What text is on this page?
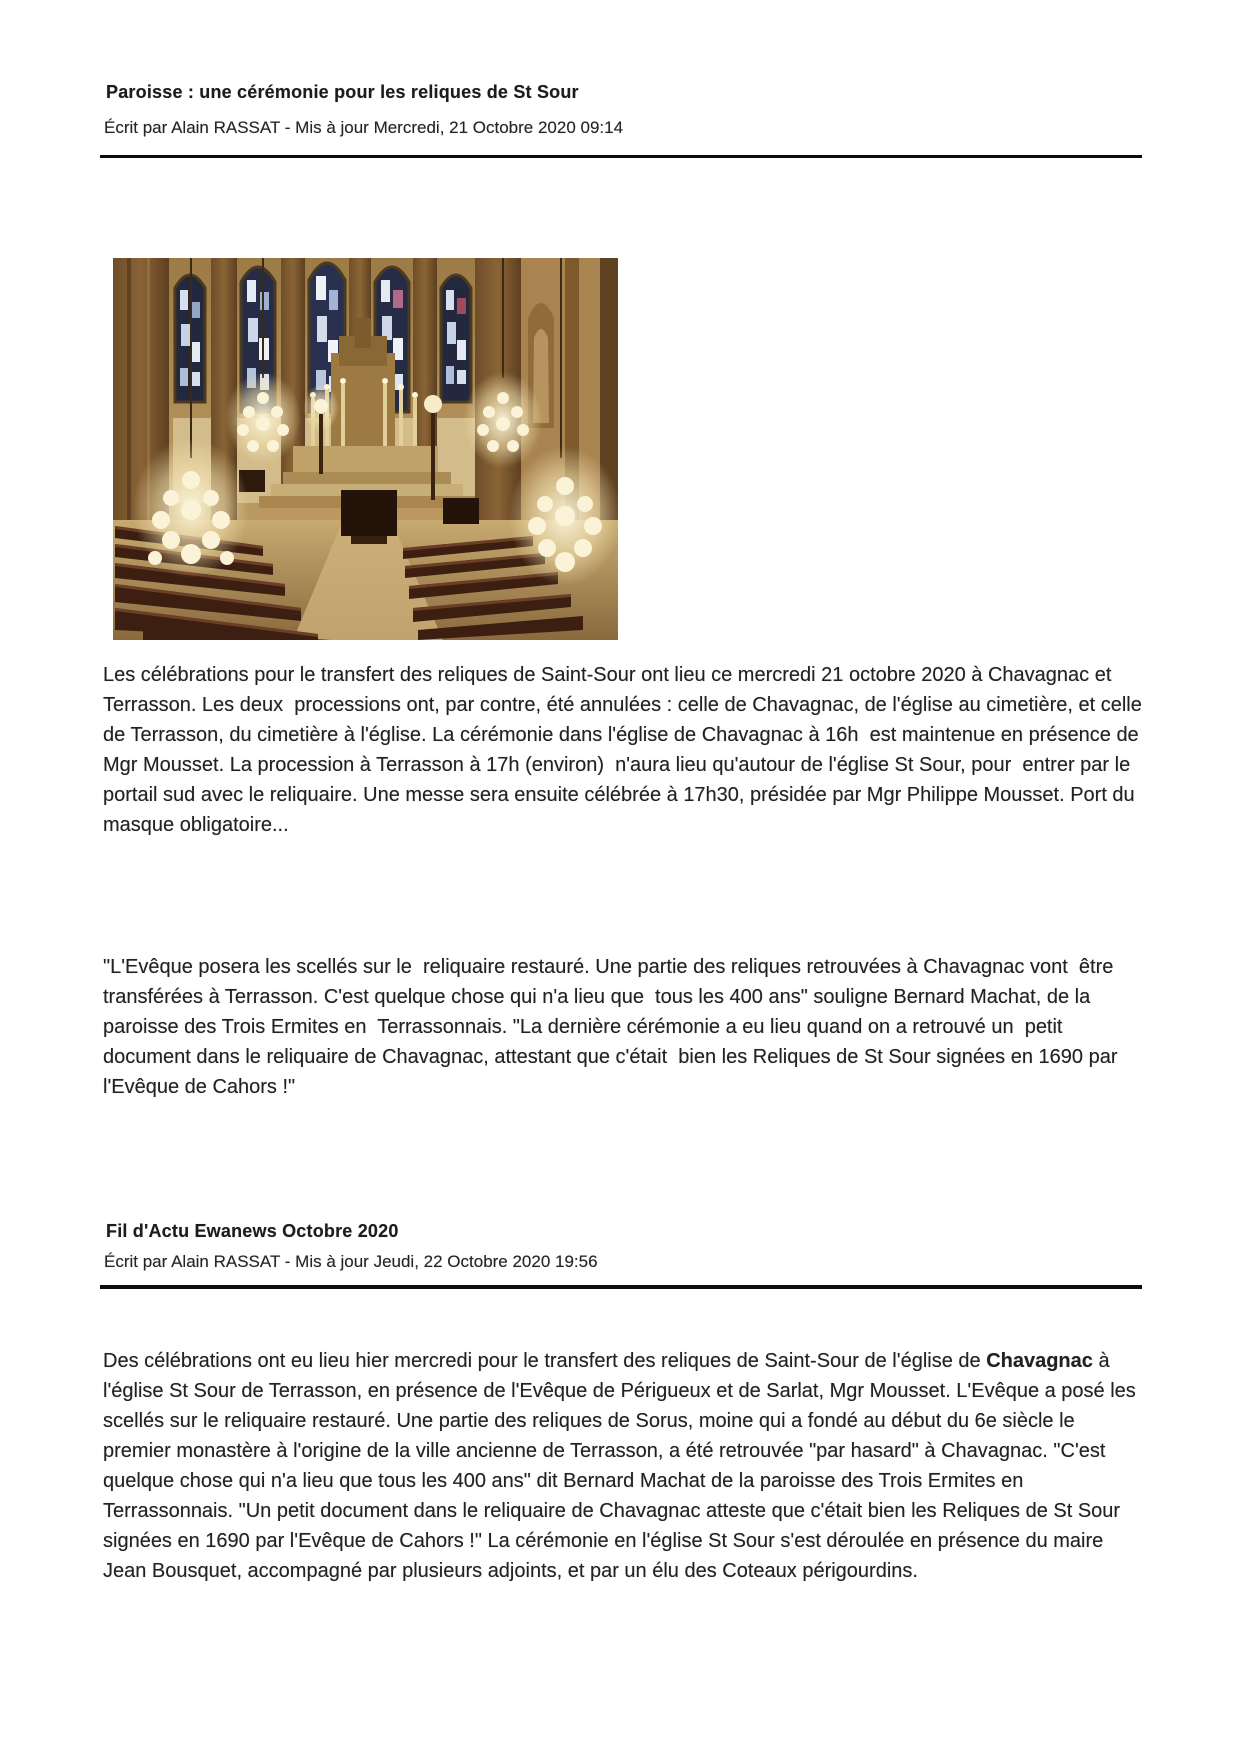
Paroisse : une cérémonie pour les reliques de St Sour
Écrit par Alain RASSAT - Mis à jour Mercredi, 21 Octobre 2020 09:14

Les célébrations pour le transfert des reliques de Saint-Sour ont lieu ce mercredi 21 octobre 2020 à Chavagnac et Terrasson. Les deux  processions ont, par contre, été annulées : celle de Chavagnac, de l'église au cimetière, et celle de Terrasson, du cimetière à l'église. La cérémonie dans l'église de Chavagnac à 16h  est maintenue en présence de Mgr Mousset. La procession à Terrasson à 17h (environ)  n'aura lieu qu'autour de l'église St Sour, pour  entrer par le portail sud avec le reliquaire. Une messe sera ensuite célébrée à 17h30, présidée par Mgr Philippe Mousset. Port du masque obligatoire...

"L'Evêque posera les scellés sur le  reliquaire restauré. Une partie des reliques retrouvées à Chavagnac vont  être transférées à Terrasson. C'est quelque chose qui n'a lieu que  tous les 400 ans" souligne Bernard Machat, de la paroisse des Trois Ermites en  Terrassonnais. "La dernière cérémonie a eu lieu quand on a retrouvé un  petit document dans le reliquaire de Chavagnac, attestant que c'était  bien les Reliques de St Sour signées en 1690 par l'Evêque de Cahors !"

Fil d'Actu Ewanews Octobre 2020
Écrit par Alain RASSAT - Mis à jour Jeudi, 22 Octobre 2020 19:56

Des célébrations ont eu lieu hier mercredi pour le transfert des reliques de Saint-Sour de l'église de Chavagnac à l'église St Sour de Terrasson, en présence de l'Evêque de Périgueux et de Sarlat, Mgr Mousset. L'Evêque a posé les scellés sur le reliquaire restauré. Une partie des reliques de Sorus, moine qui a fondé au début du 6e siècle le premier monastère à l'origine de la ville ancienne de Terrasson, a été retrouvée "par hasard" à Chavagnac. "C'est quelque chose qui n'a lieu que tous les 400 ans" dit Bernard Machat de la paroisse des Trois Ermites en Terrassonnais. "Un petit document dans le reliquaire de Chavagnac atteste que c'était bien les Reliques de St Sour signées en 1690 par l'Evêque de Cahors !" La cérémonie en l'église St Sour s'est déroulée en présence du maire Jean Bousquet, accompagné par plusieurs adjoints, et par un élu des Coteaux périgourdins.
